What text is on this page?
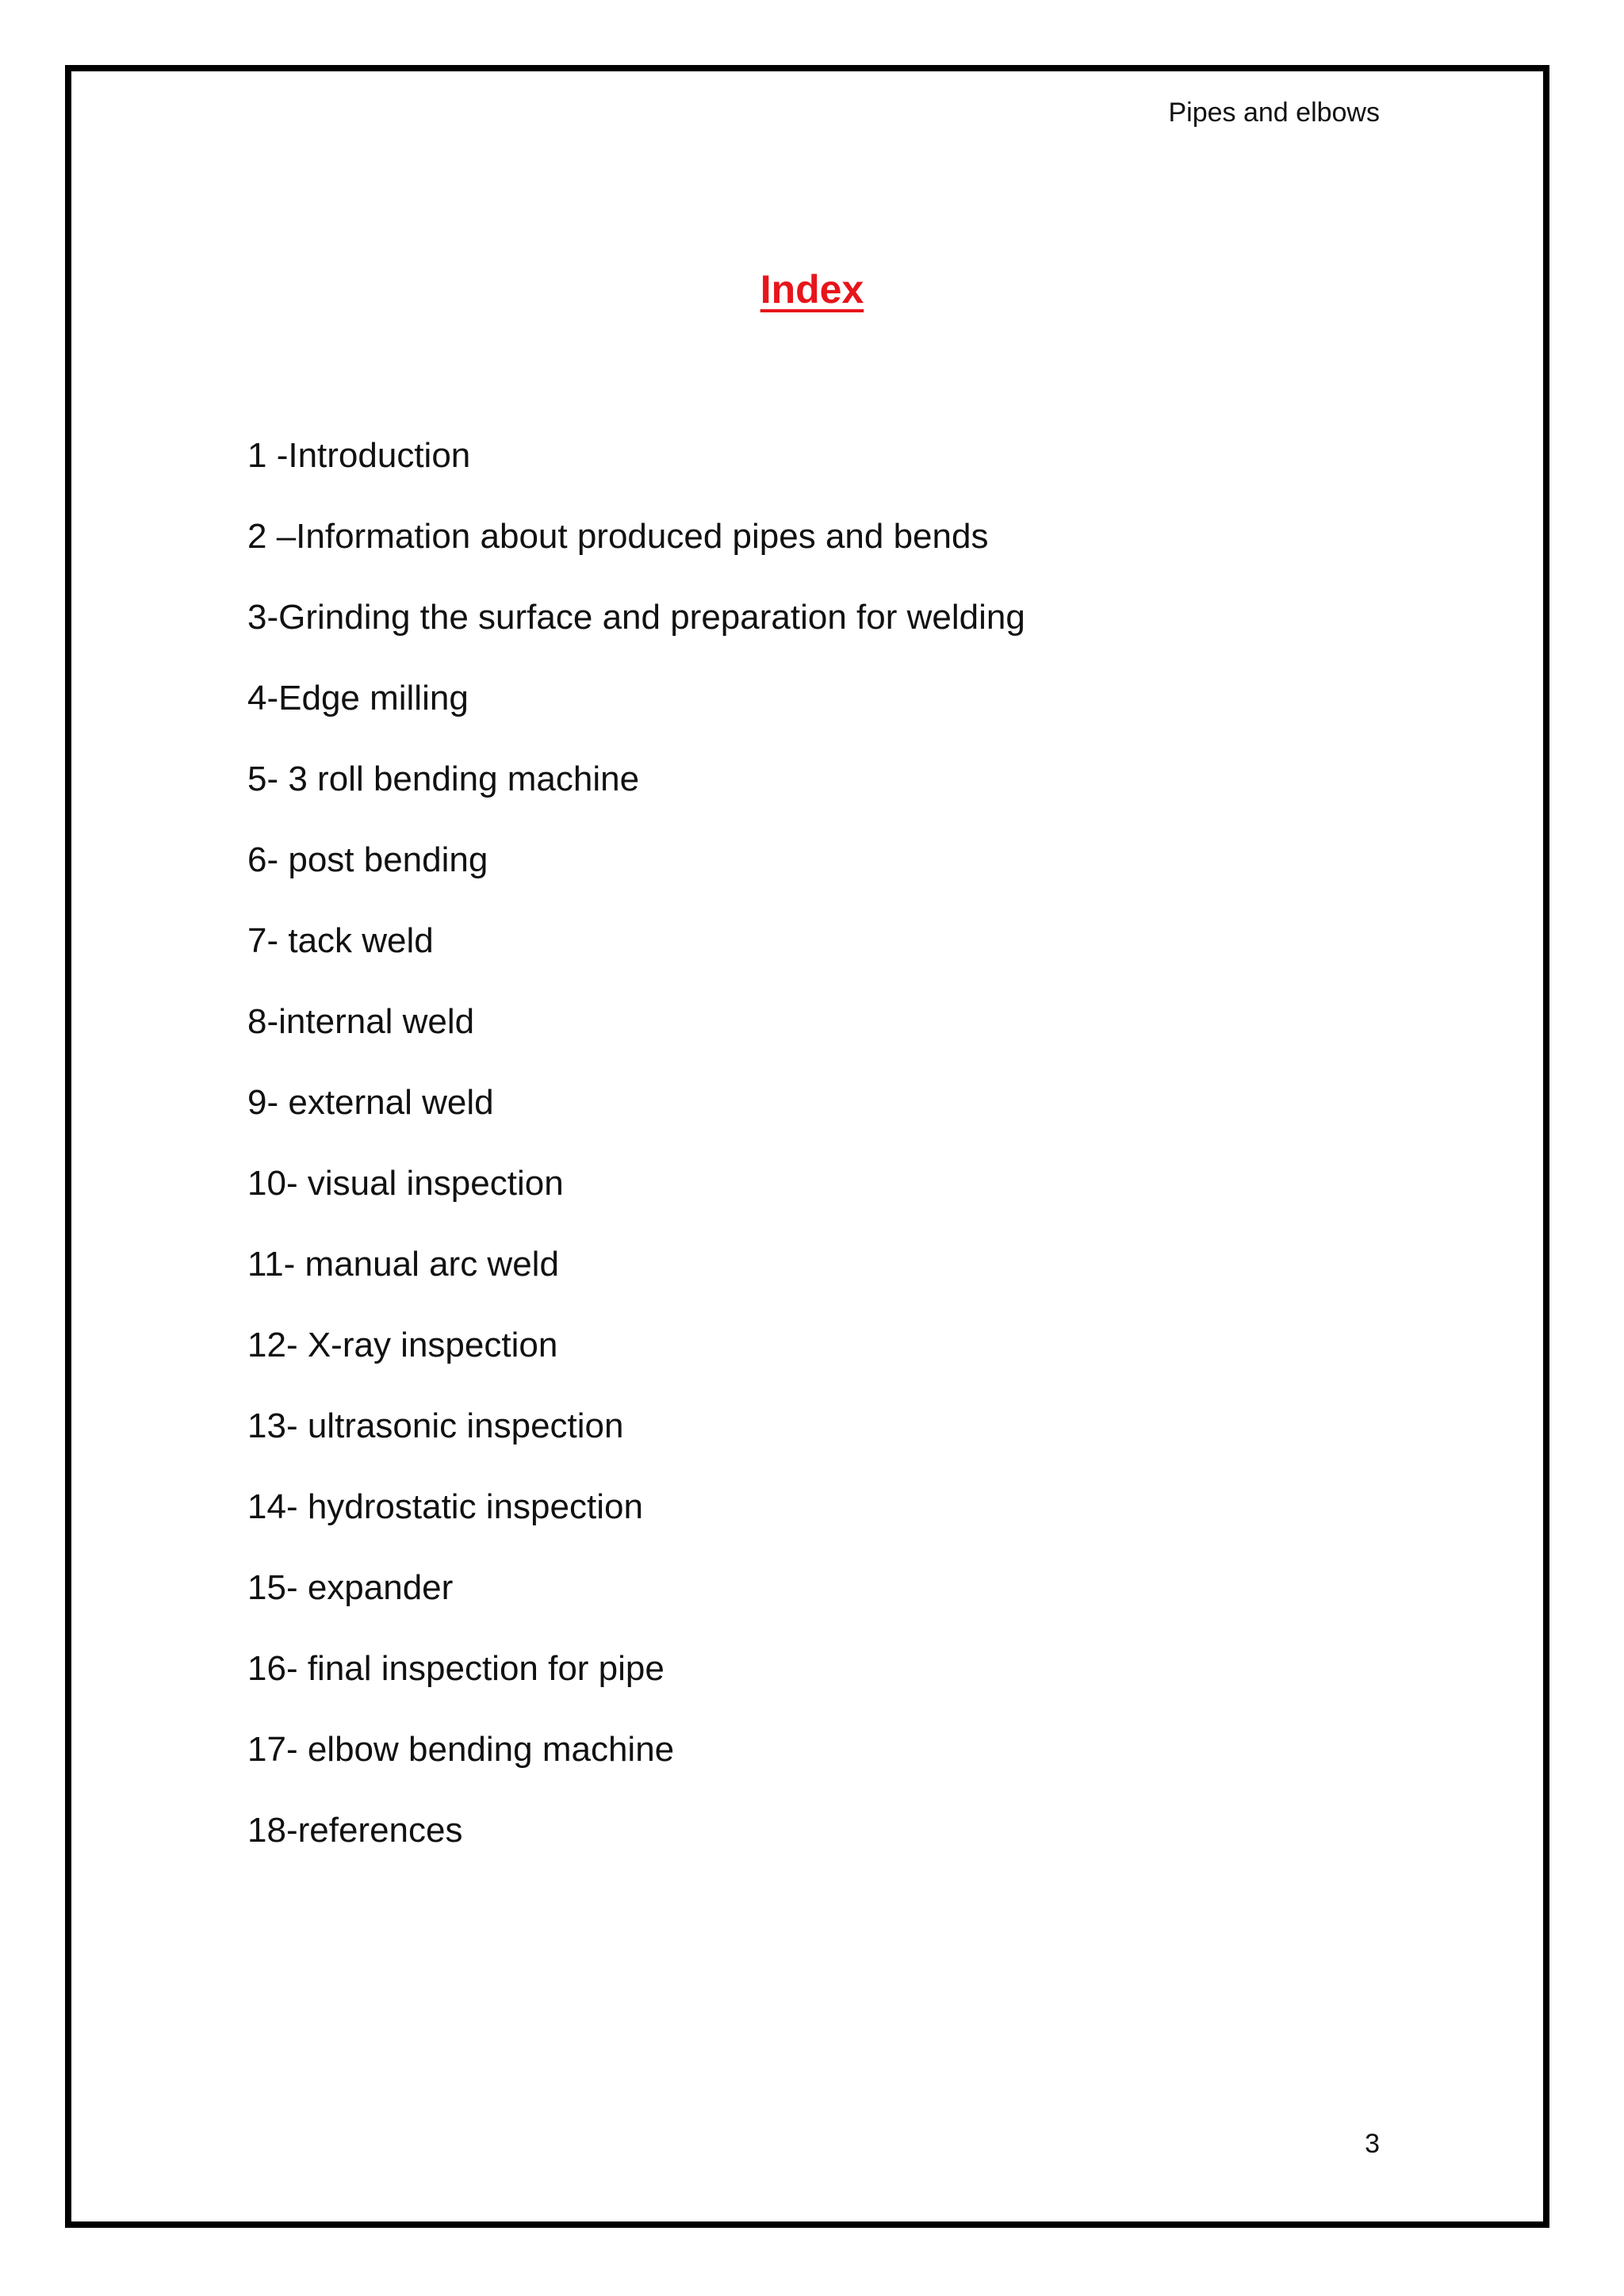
Pipes and elbows
Index
1 -Introduction
2 –Information about produced pipes and bends
3-Grinding the surface and preparation for welding
4-Edge milling
5- 3 roll bending machine
6- post bending
7- tack weld
8-internal weld
9- external weld
10- visual inspection
11- manual arc weld
12- X-ray inspection
13- ultrasonic inspection
14- hydrostatic inspection
15- expander
16- final inspection for pipe
17- elbow bending machine
18-references
3
